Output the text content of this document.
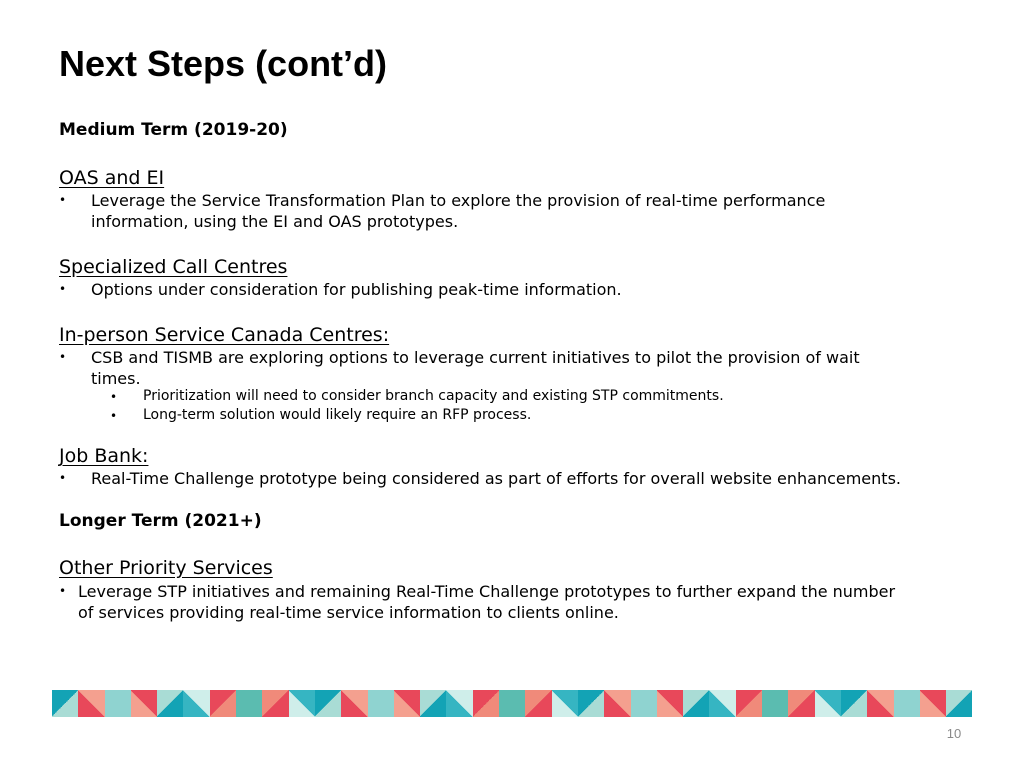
Next Steps (cont’d)
Medium Term (2019-20)
OAS and EI
• Leverage the Service Transformation Plan to explore the provision of real-time performance
information, using the EI and OAS prototypes.
Specialized Call Centres
• Options under consideration for publishing peak-time information.
In-person Service Canada Centres:
• CSB and TISMB are exploring options to leverage current initiatives to pilot the provision of wait
times.
• Prioritization will need to consider branch capacity and existing STP commitments.
• Long-term solution would likely require an RFP process.
Job Bank:
• Real-Time Challenge prototype being considered as part of efforts for overall website enhancements.
Longer Term (2021+)
Other Priority Services
• Leverage STP initiatives and remaining Real-Time Challenge prototypes to further expand the number
of services providing real-time service information to clients online.
10
